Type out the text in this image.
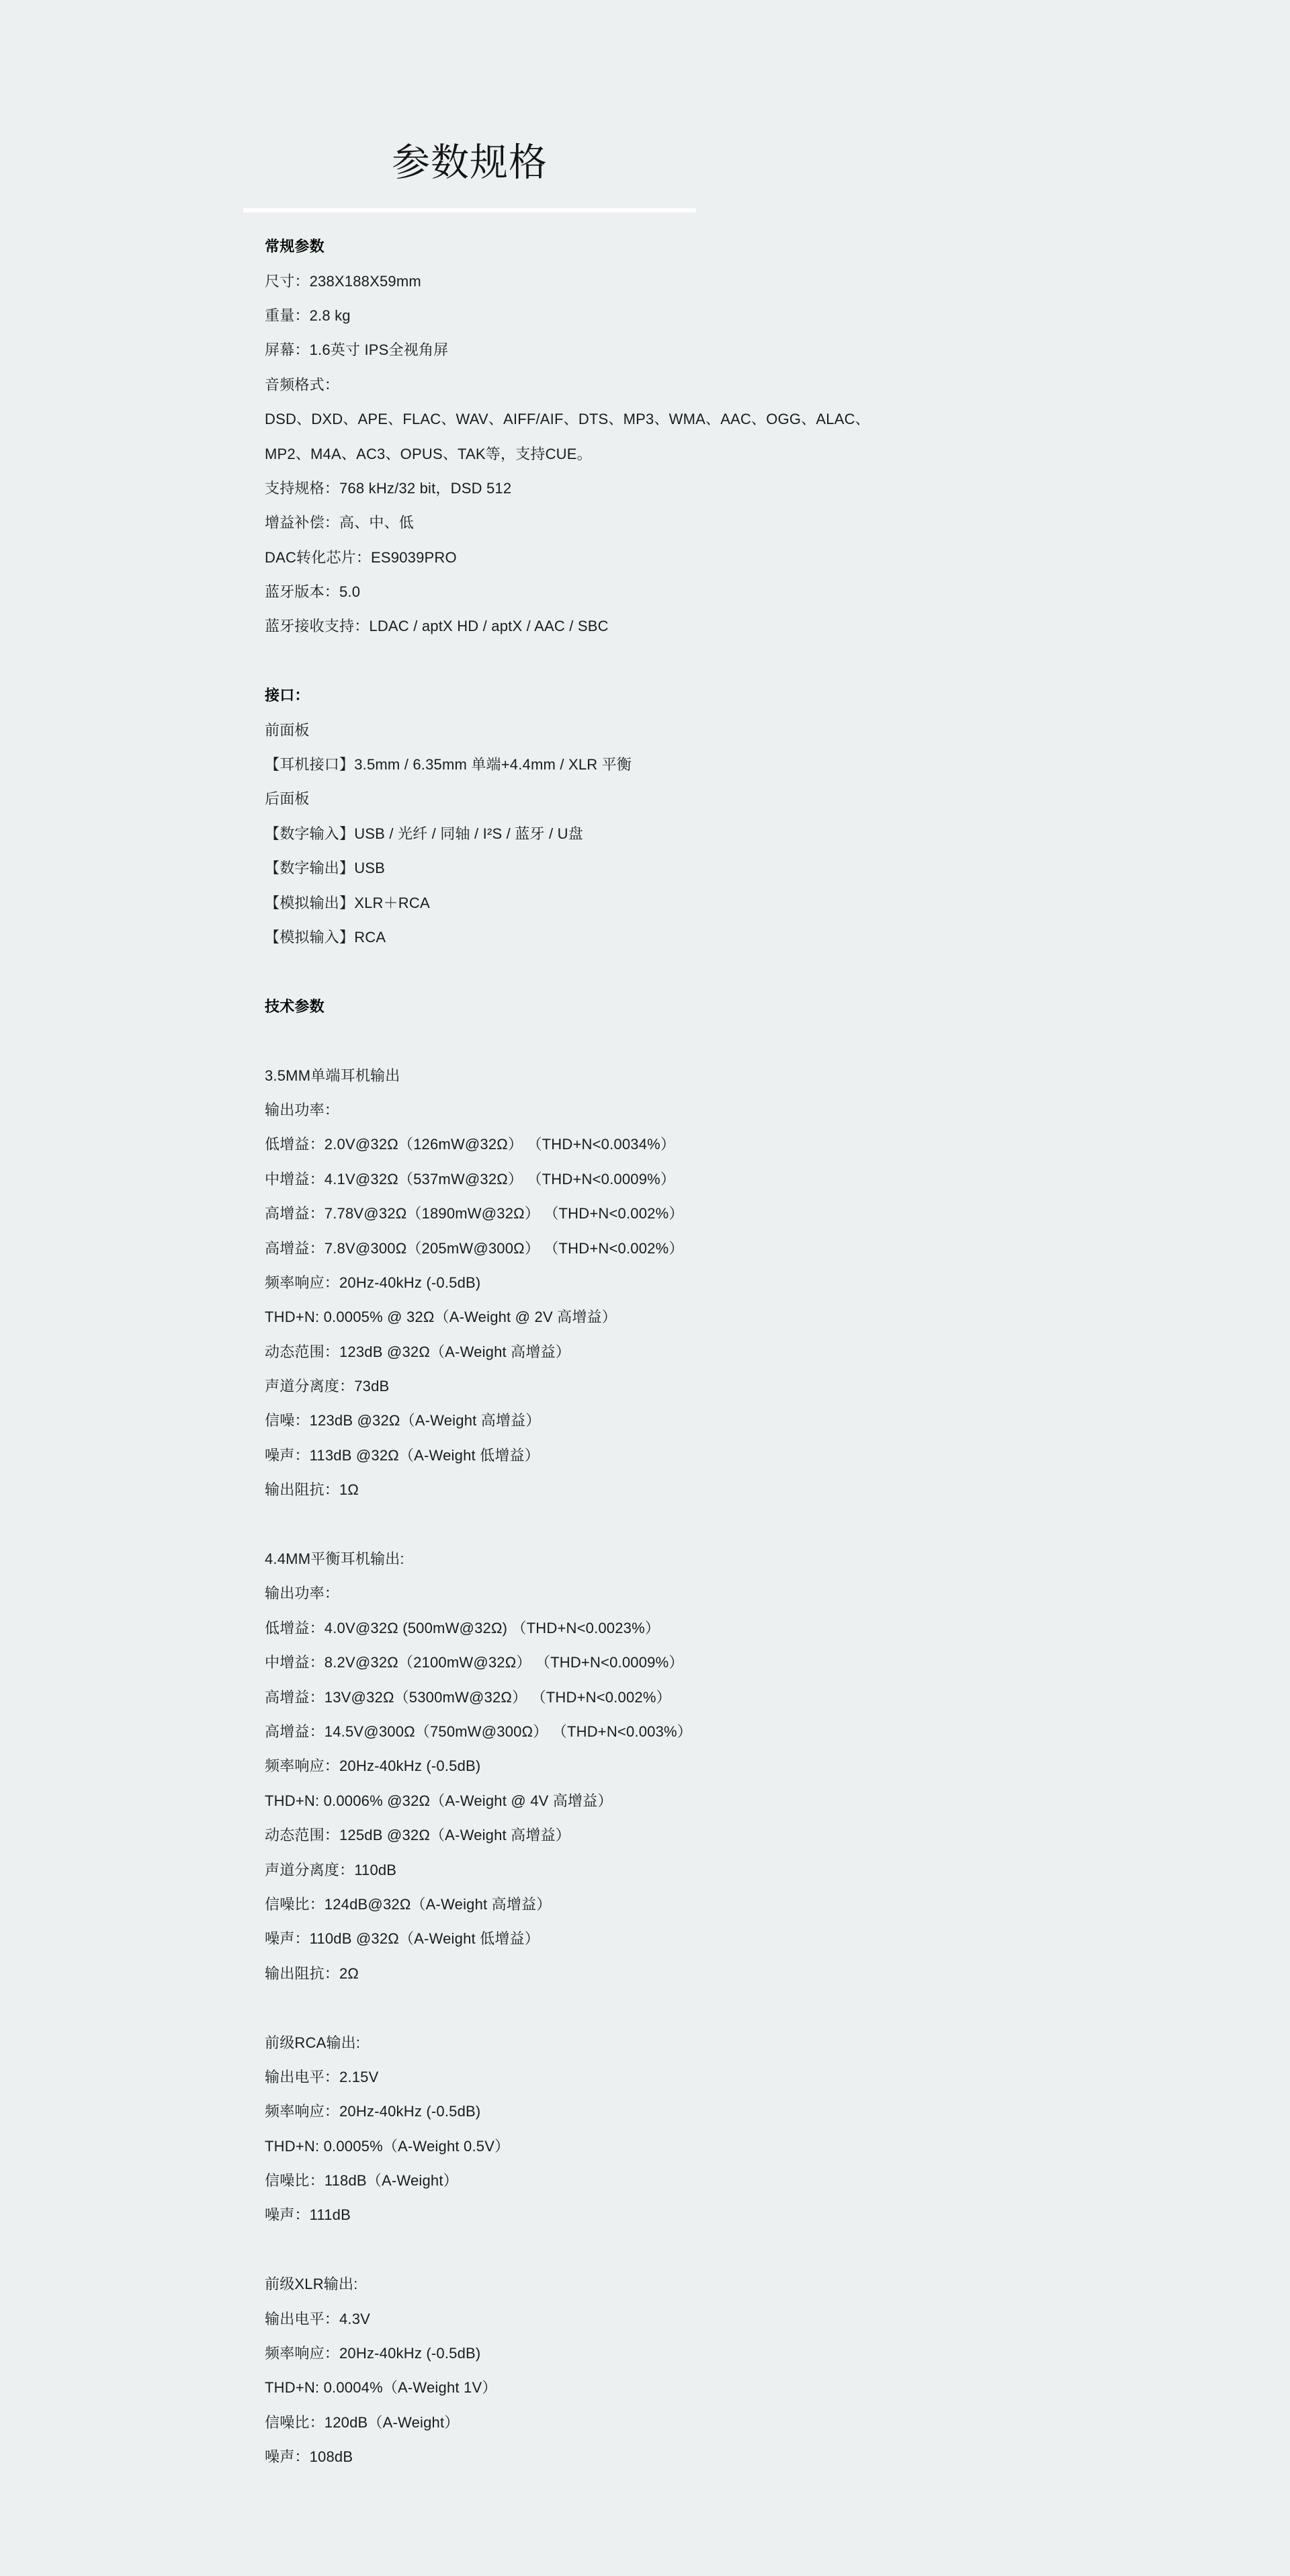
参数规格
常规参数
尺寸：238X188X59mm
重量：2.8 kg
屏幕：1.6英寸 IPS全视角屏
音频格式：
DSD、DXD、APE、FLAC、WAV、AIFF/AIF、DTS、MP3、WMA、AAC、OGG、ALAC、
MP2、M4A、AC3、OPUS、TAK等，支持CUE。
支持规格：768 kHz/32 bit，DSD 512
增益补偿：高、中、低
DAC转化芯片：ES9039PRO
蓝牙版本：5.0
蓝牙接收支持：LDAC / aptX HD / aptX / AAC / SBC
接口：
前面板
【耳机接口】3.5mm / 6.35mm 单端+4.4mm / XLR 平衡
后面板
【数字输入】USB / 光纤 / 同轴 / I²S / 蓝牙 / U盘
【数字输出】USB
【模拟输出】XLR＋RCA
【模拟输入】RCA
技术参数
3.5MM单端耳机输出
输出功率：
低增益：2.0V@32Ω（126mW@32Ω） （THD+N<0.0034%）
中增益：4.1V@32Ω（537mW@32Ω） （THD+N<0.0009%）
高增益：7.78V@32Ω（1890mW@32Ω） （THD+N<0.002%）
高增益：7.8V@300Ω（205mW@300Ω） （THD+N<0.002%）
频率响应：20Hz-40kHz (-0.5dB)
THD+N: 0.0005% @ 32Ω（A-Weight @ 2V 高增益）
动态范围：123dB @32Ω（A-Weight 高增益）
声道分离度：73dB
信噪：123dB @32Ω（A-Weight 高增益）
噪声：113dB @32Ω（A-Weight 低增益）
输出阻抗：1Ω
4.4MM平衡耳机输出:
输出功率：
低增益：4.0V@32Ω (500mW@32Ω) （THD+N<0.0023%）
中增益：8.2V@32Ω（2100mW@32Ω） （THD+N<0.0009%）
高增益：13V@32Ω（5300mW@32Ω） （THD+N<0.002%）
高增益：14.5V@300Ω（750mW@300Ω） （THD+N<0.003%）
频率响应：20Hz-40kHz (-0.5dB)
THD+N: 0.0006% @32Ω（A-Weight @ 4V 高增益）
动态范围：125dB @32Ω（A-Weight 高增益）
声道分离度：110dB
信噪比：124dB@32Ω（A-Weight 高增益）
噪声：110dB @32Ω（A-Weight 低增益）
输出阻抗：2Ω
前级RCA输出:
输出电平：2.15V
频率响应：20Hz-40kHz (-0.5dB)
THD+N: 0.0005%（A-Weight 0.5V）
信噪比：118dB（A-Weight）
噪声：111dB
前级XLR输出:
输出电平：4.3V
频率响应：20Hz-40kHz (-0.5dB)
THD+N: 0.0004%（A-Weight 1V）
信噪比：120dB（A-Weight）
噪声：108dB
